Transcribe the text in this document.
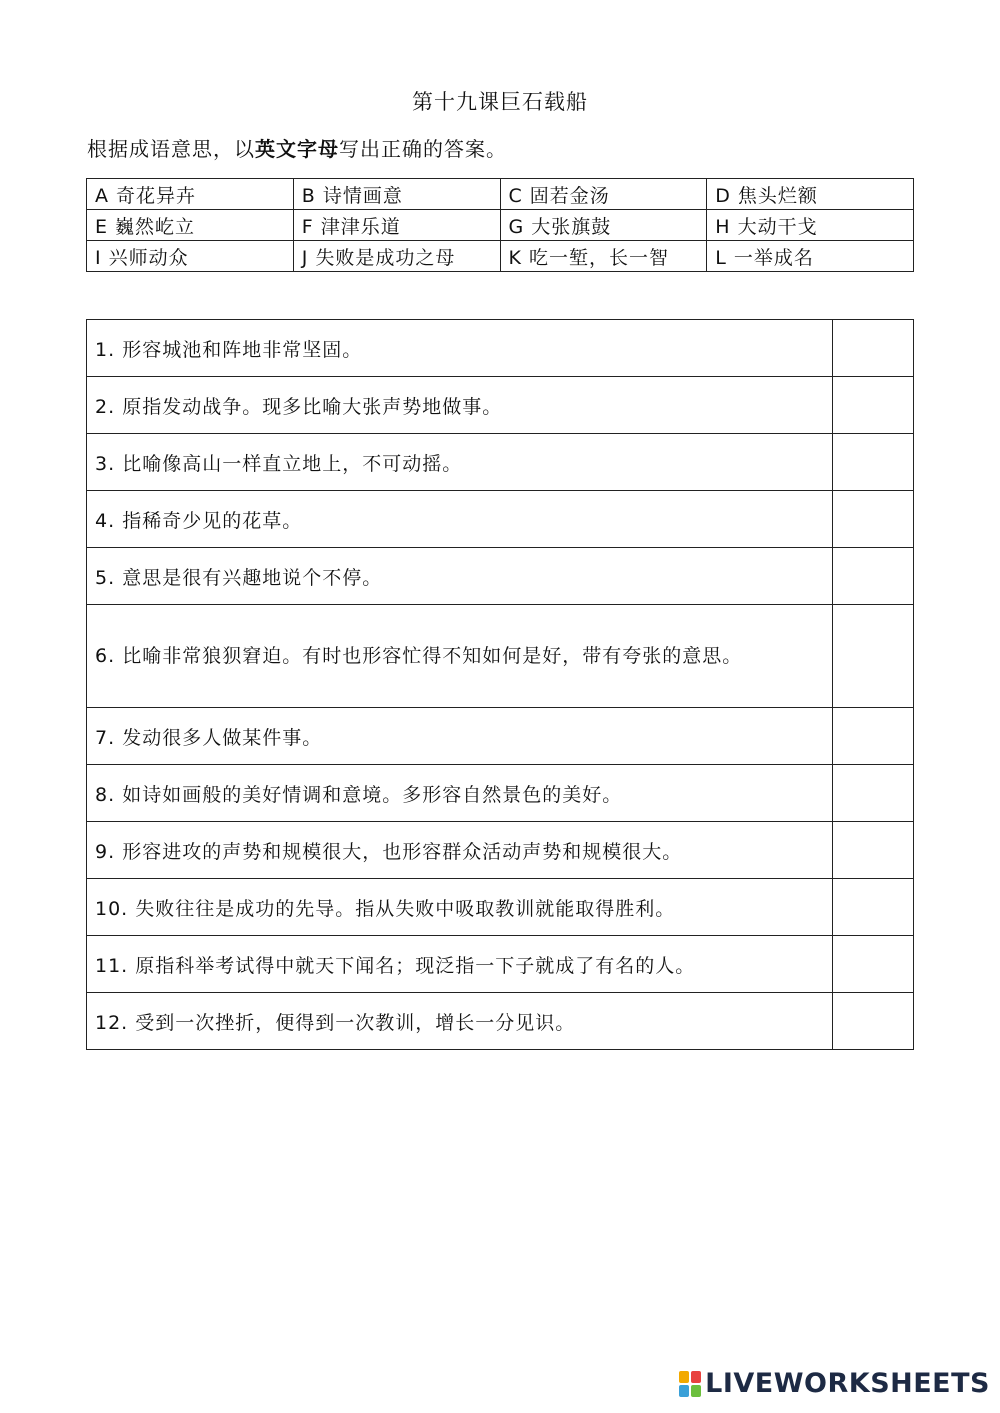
第十九课巨石载船
根据成语意思，以英文字母写出正确的答案。
A 奇花异卉	B 诗情画意	C 固若金汤	D 焦头烂额
E 巍然屹立	F 津津乐道	G 大张旗鼓	H 大动干戈
I 兴师动众	J 失败是成功之母	K 吃一堑，长一智	L 一举成名
1. 形容城池和阵地非常坚固。	
2. 原指发动战争。现多比喻大张声势地做事。	
3. 比喻像高山一样直立地上，不可动摇。	
4. 指稀奇少见的花草。	
5. 意思是很有兴趣地说个不停。	
6. 比喻非常狼狈窘迫。有时也形容忙得不知如何是好，带有夸张的意思。	
7. 发动很多人做某件事。	
8. 如诗如画般的美好情调和意境。多形容自然景色的美好。	
9. 形容进攻的声势和规模很大，也形容群众活动声势和规模很大。	
10. 失败往往是成功的先导。指从失败中吸取教训就能取得胜利。	
11. 原指科举考试得中就天下闻名；现泛指一下子就成了有名的人。	
12. 受到一次挫折，便得到一次教训，增长一分见识。	
LIVEWORKSHEETS
